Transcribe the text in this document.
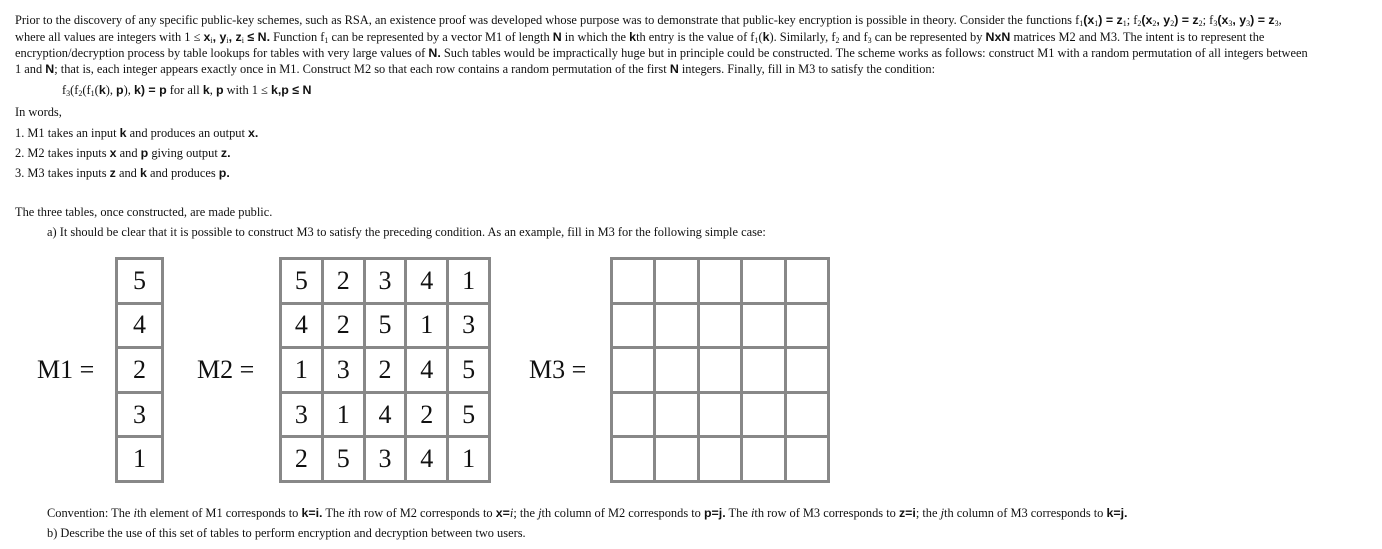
Prior to the discovery of any specific public-key schemes, such as RSA, an existence proof was developed whose purpose was to demonstrate that public-key encryption is possible in theory. Consider the functions $f_1(x_1) = z_1$; $f_2(x_2$, $y_2) = z_2$; $f_3(x_3$, $y_3) = z_3$,
where all values are integers with $1 \le x_i$, $y_i$, $z_i \le N$. Function $f_1$ can be represented by a vector M1 of length N in which the kth entry is the value of $f_1(k)$. Similarly, $f_2$ and $f_3$ can be represented by NxN matrices M2 and M3. The intent is to represent the
encryption/decryption process by table lookups for tables with very large values of N. Such tables would be impractically huge but in principle could be constructed. The scheme works as follows: construct M1 with a random permutation of all integers between
1 and N; that is, each integer appears exactly once in M1. Construct M2 so that each row contains a random permutation of the first N integers. Finally, fill in M3 to satisfy the condition:
$f_3(f_2(f_1(k)$, p), k) = p for all k, p with 1 ≤ k,p ≤ N
In words,
1. M1 takes an input k and produces an output x.
2. M2 takes inputs x and p giving output z.
3. M3 takes inputs z and k and produces p.
The three tables, once constructed, are made public.
a) It should be clear that it is possible to construct M3 to satisfy the preceding condition. As an example, fill in M3 for the following simple case:
M1 =
5
4
2
3
1
M2 =
5	2	3	4	1
4	2	5	1	3
1	3	2	4	5
3	1	4	2	5
2	5	3	4	1
M3 =

Convention: The ith element of M1 corresponds to k=i. The ith row of M2 corresponds to x=i; the jth column of M2 corresponds to p=j. The ith row of M3 corresponds to z=i; the jth column of M3 corresponds to k=j.
b) Describe the use of this set of tables to perform encryption and decryption between two users.
